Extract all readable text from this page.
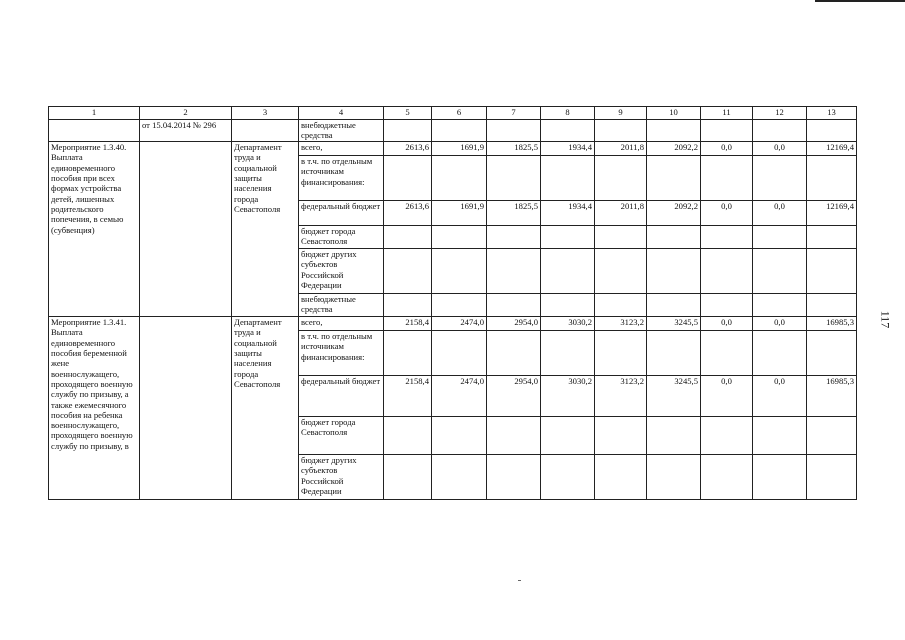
117
1	2	3	4	5	6	7	8	9	10	11	12	13
	от 15.04.2014 № 296		внебюджетные средства									
Мероприятие 1.3.40. Выплата единовременного пособия при всех формах устройства детей, лишенных родительского попечения, в семью (субвенция)		Департамент труда и социальной защиты населения города Севастополя	всего,	2613,6	1691,9	1825,5	1934,4	2011,8	2092,2	0,0	0,0	12169,4
			в т.ч. по отдельным источникам финансирования:									
			федеральный бюджет	2613,6	1691,9	1825,5	1934,4	2011,8	2092,2	0,0	0,0	12169,4
			бюджет города Севастополя									
			бюджет других субъектов Российской Федерации									
			внебюджетные средства									
Мероприятие 1.3.41. Выплата единовременного пособия беременной жене военнослужащего, проходящего военную службу по призыву, а также ежемесячного пособия на ребенка военнослужащего, проходящего военную службу по призыву, в		Департамент труда и социальной защиты населения города Севастополя	всего,	2158,4	2474,0	2954,0	3030,2	3123,2	3245,5	0,0	0,0	16985,3
			в т.ч. по отдельным источникам финансирования:									
			федеральный бюджет	2158,4	2474,0	2954,0	3030,2	3123,2	3245,5	0,0	0,0	16985,3
			бюджет города Севастополя									
			бюджет других субъектов Российской Федерации									
